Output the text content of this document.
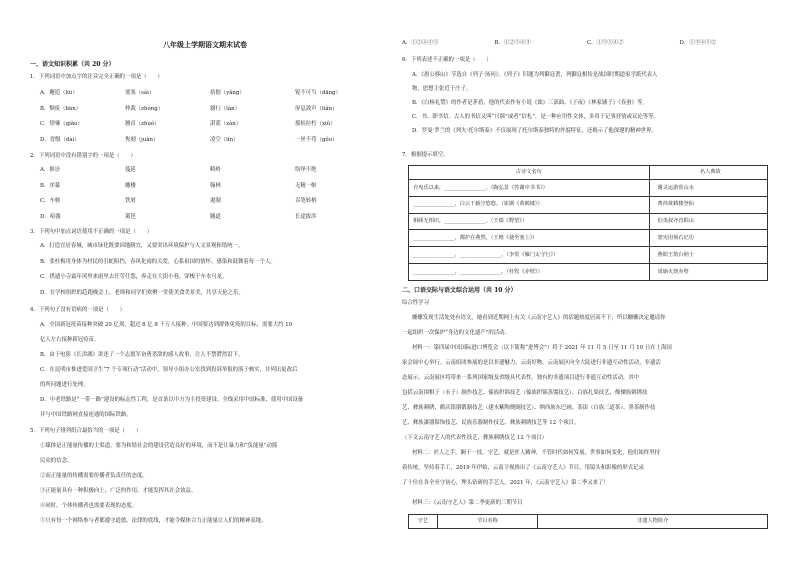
八年级上学期语文期末试卷
一、语文知识积累（共 20 分）
1．下列词语中加点字的注音完全正确的一项是（　　）
A．邂逅（liú）	要塞（sài）	拮据（yǎng）	锐不可当（dāng）
B．颓废（bān）	仲裁（zhòng）	辍行（lán）	屏息敛声（liǎn）
C．情愫（qiāo）	翘首（zhuó）	湛蓝（zàn）	摇枯拉朽（xiǔ）
D．晋级（dài）	隽刻（juàn）	凌空（lín）	一丝不苟（gǒu）
2．下列词语中没有错别字的一项是（　　）
A．推崇	蔓延	畸岭	络绎不绝
B．序幕	雕楼	翰林	无精一帜
C．车骏	铁屑	遏制	吞笔转柄
D．喑器	篱笆	隧道	长途拔涉
3．下列句中加点词语使用不正确的一项是（　　）
A．打造宜居春城，城市绿化既要因地制宜，又要突出环境保护与人文景观和谐统一。
B．张杜梅用身体为村民的引蛇阻挡，春风化雨的关爱，心系祖国的情怀，感染和鼓舞着每一个人。
C．拱遗小寺霜年风里来雨里去任劳任怨，奔走在大街小巷，穿梭于车水马龙。
D．在学校组织的趋跑晚会上，老师和同学们欢聚一堂使美食美景美，共享天伦之乐。
4．下列句子没有语病的一项是（　　）
A．全国新冠疫苗接种突破 20 亿剂，超过 8 亿 8 千万人接种，中国要达到群体免疫的目标，需要大约 10
亿人左右接种新冠疫苗。
B．由于电影《长津湖》讲述了一个志愿军奋勇杀敌的感人故事，让人不禁潸然泪下。
C．在昆明市推进爱国卫生“7 个专项行动”活动中，领导小组办公室找到投诉举报的落于核实，并列出更改后
的所问题进行处理。
D．中老铁路是“一带一路”建设的标志性工程，是首条以中方为主投资建设、全线采用中国标准、使用中国设备
并与中国铁路网直接连通的国际铁路。
5．下列句子排列组合最恰当的一项是（　　）
①媒体是正能量传播的主渠道，要为和谐社会的建设营造良好的环境，而不是让暴力和“负能量”动摇
民众的信念。
②而正能量的传播需要传播者负责任的态度。
③正能量具有一种积极向上、广泛的作用，才能发挥其社会效益。
④同时，个体传播者也需要表现的态度。
⑤只有每一个网络参与者都遵守道德、法律的底线，才能令媒体合力正能量让人们的精神高地。
A．①②④③⑤	B．①②⑤④③	C．①⑤⑤④②	D．①③④⑤②
6．下列表述不正确的一项是（　　）
A．《愚公移山》节选自《列子·汤问》。《列子》旧题为列御寇著，列御寇相传是战国时期道家学派代表人
物，思想主张近于庄子。
B．《白杨礼赞》的作者是茅盾，他的代表作有小说《蚀》三部曲、《子夜》《林家铺子》《春蚕》等。
C．书、即书信。古人的书信又叫“尺牍”或者“信札”，是一种应用性文体，多用于记事抒情或议论等等。
D．罗曼·罗兰的《列夫·托尔斯泰》不仅展现了托尔斯泰独特的外貌特征，还揭示了他深邃的精神世界。
7．根据提示填空。
古诗文名句	名人典故
自曳乐以来，________________。（陶弘景《答谢中书书》）	谢灵运游赏山水
________________，白云千载空悠悠。（崔颢《黄鹤楼》）	费祎黄鹤楼登仙
相顾无相识，________________。（王绩《野望》）	伯夷叔齐首阳山
________________，都护在燕然。（王维《使至塞上》）	窦宪用刻石记功
________________，________________。（李贺《雁门太守行》）	燕昭王筑台纳士
________________，________________。（杜牧《赤壁》）	周瑜火烧赤壁
二、口语交际与语文综合运用（共 10 分）
综合性学习
姗姗发现生活处处有语文，她看到近期网上有关《云南守艺人》的话题热度居高不下，所以姗姗决定邀请你
一起组织一次保护“身边的文化遗产”的活动。
材料一：第四届中国国际进口博览会（以下简称“进博会”）将于 2021 年 11 月 5 日至 11 月 10 日在上海国
家会展中心举行。云南组团参展的是以非遗魅力、云南好物，云南展区向全大陆进行非遗互动性活动，非遗活
态展示。云南展区将带来一系列国家级及省级具代表性、独有的非遗项目进行非遗互动性活动，其中
包括云南围棋子（永子）制作技艺、傣族织锦技艺（傣族织锦蒸馏技艺）、白族扎染技艺、傈僳族刺绣技
艺、彝族刺绣、鹤庆银器锻制技艺（建水紫陶烧制技艺）、纳西族东巴画、茶街（白族三道茶）、黑茶制作技
艺、彝族漆器髹饰技艺、民族乐器制作技艺、彝族刺绣技艺等 12 个项目。
（下文云南守艺人的代表性技艺，彝族刺绣技艺 12 个项目）
材料二：匠人之手，娴于一技。守艺，就是匠人精神，不管时代如何发展，世事如何变化，他们始终坚持
着传统，坚持着手工，2019 年伊始，云南卫视推出了《云南守艺人》节目，用镜头和影像的形式记录
了十位在各全至守初心，埋头钻研的手艺人。2021 年，《云南守艺人》第二季又来了！
材料三：《云南守艺人》第二季更新的三期节目
守艺	节目名称	非遗人物简介
